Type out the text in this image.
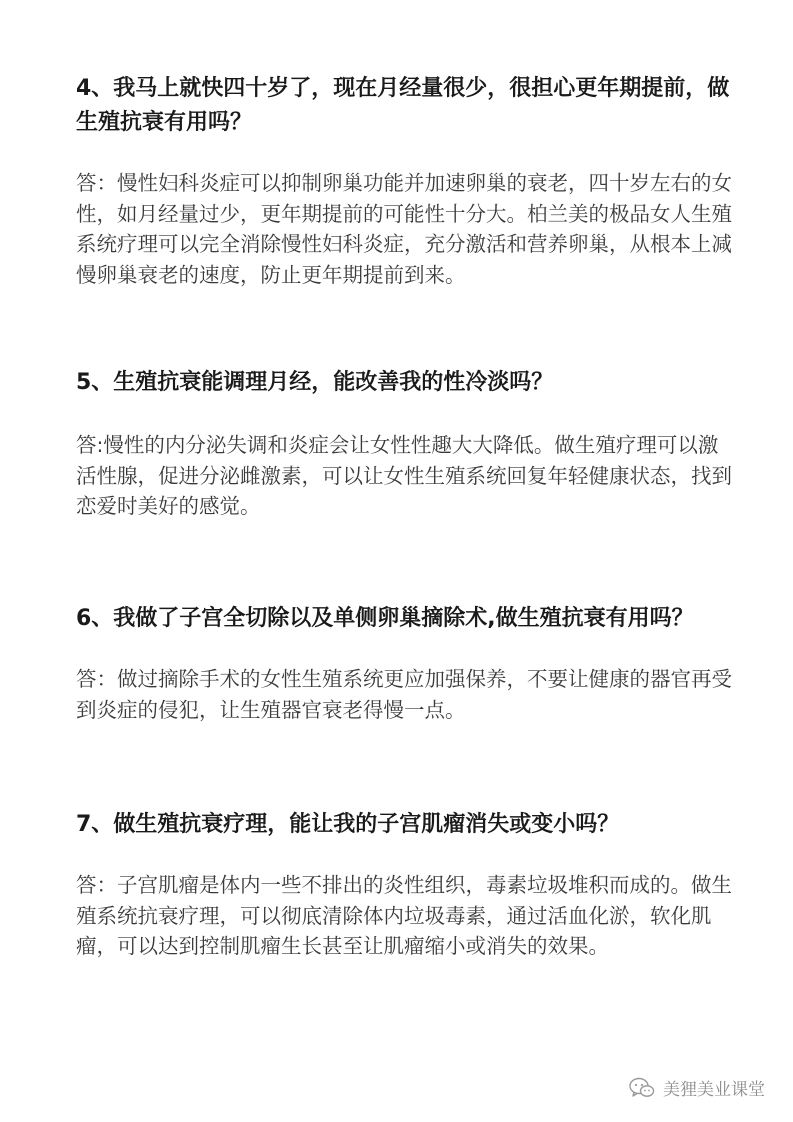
4、我马上就快四十岁了，现在月经量很少，很担心更年期提前，做生殖抗衰有用吗？

答：慢性妇科炎症可以抑制卵巢功能并加速卵巢的衰老，四十岁左右的女性，如月经量过少，更年期提前的可能性十分大。柏兰美的极品女人生殖系统疗理可以完全消除慢性妇科炎症，充分激活和营养卵巢，从根本上减慢卵巢衰老的速度，防止更年期提前到来。

5、生殖抗衰能调理月经，能改善我的性冷淡吗？

答:慢性的内分泌失调和炎症会让女性性趣大大降低。做生殖疗理可以激活性腺，促进分泌雌激素，可以让女性生殖系统回复年轻健康状态，找到恋爱时美好的感觉。

6、我做了子宫全切除以及单侧卵巢摘除术,做生殖抗衰有用吗？

答：做过摘除手术的女性生殖系统更应加强保养，不要让健康的器官再受到炎症的侵犯，让生殖器官衰老得慢一点。

7、做生殖抗衰疗理，能让我的子宫肌瘤消失或变小吗？

答：子宫肌瘤是体内一些不排出的炎性组织，毒素垃圾堆积而成的。做生殖系统抗衰疗理，可以彻底清除体内垃圾毒素，通过活血化淤，软化肌瘤，可以达到控制肌瘤生长甚至让肌瘤缩小或消失的效果。

美狸美业课堂
